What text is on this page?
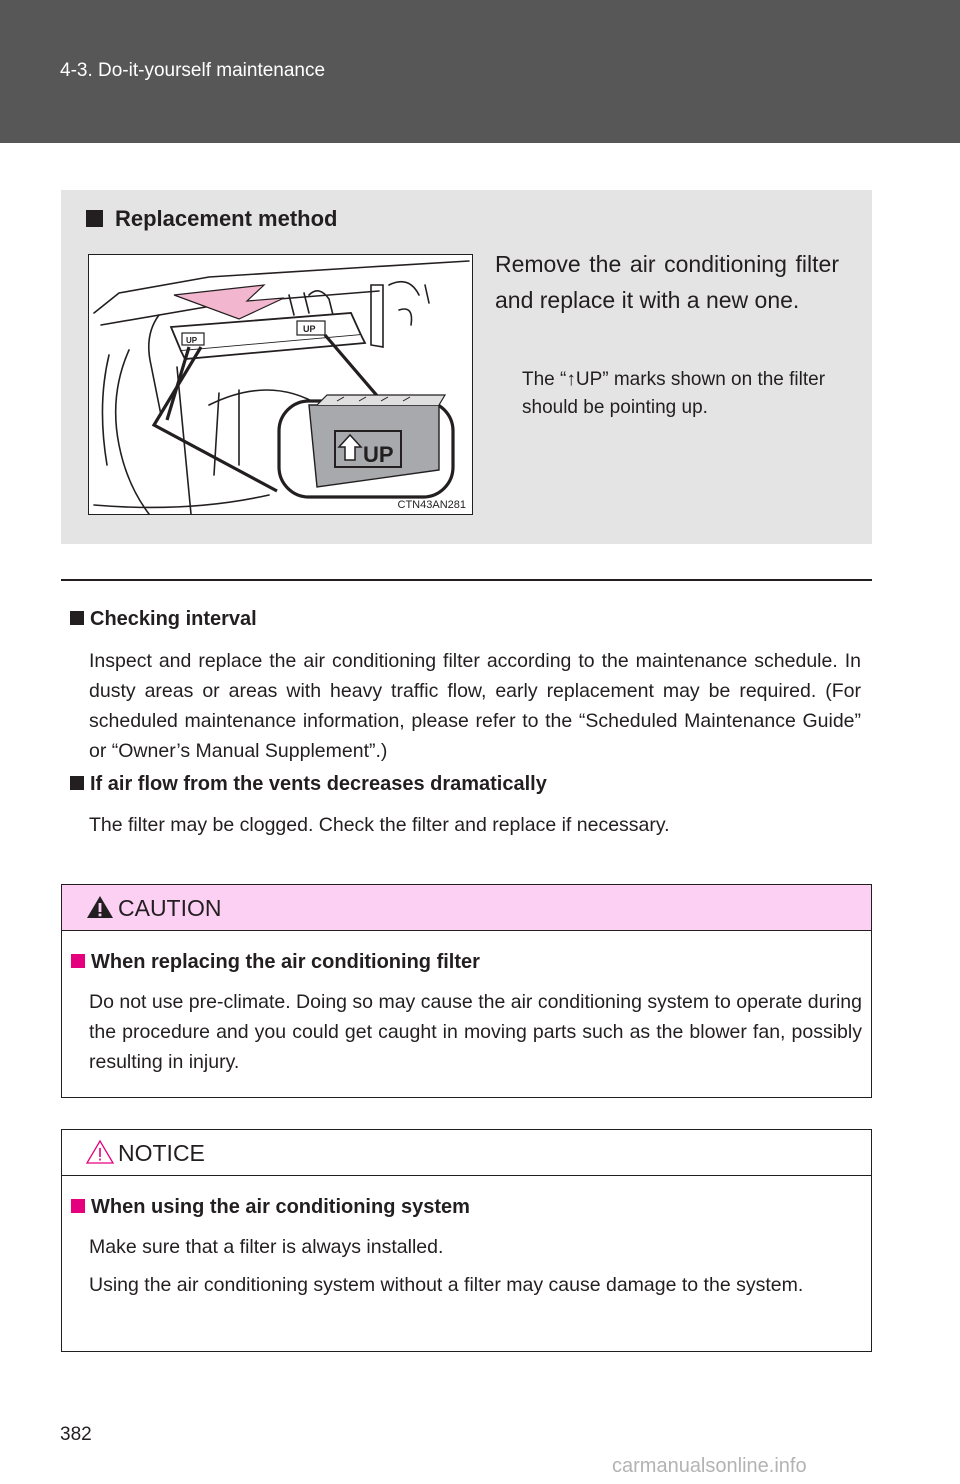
4-3. Do-it-yourself maintenance
Replacement method
UP
UP
UP
CTN43AN281
Remove the air conditioning filter and replace it with a new one.
The “↑UP” marks shown on the filter should be pointing up.
Checking interval
Inspect and replace the air conditioning filter according to the maintenance schedule. In dusty areas or areas with heavy traffic flow, early replacement may be required. (For scheduled maintenance information, please refer to the “Scheduled Maintenance Guide” or “Owner’s Manual Supplement”.)
If air flow from the vents decreases dramatically
The filter may be clogged. Check the filter and replace if necessary.
CAUTION
When replacing the air conditioning filter
Do not use pre-climate. Doing so may cause the air conditioning system to operate during the procedure and you could get caught in moving parts such as the blower fan, possibly resulting in injury.
NOTICE
When using the air conditioning system
Make sure that a filter is always installed.
Using the air conditioning system without a filter may cause damage to the system.
382
carmanualsonline.info
